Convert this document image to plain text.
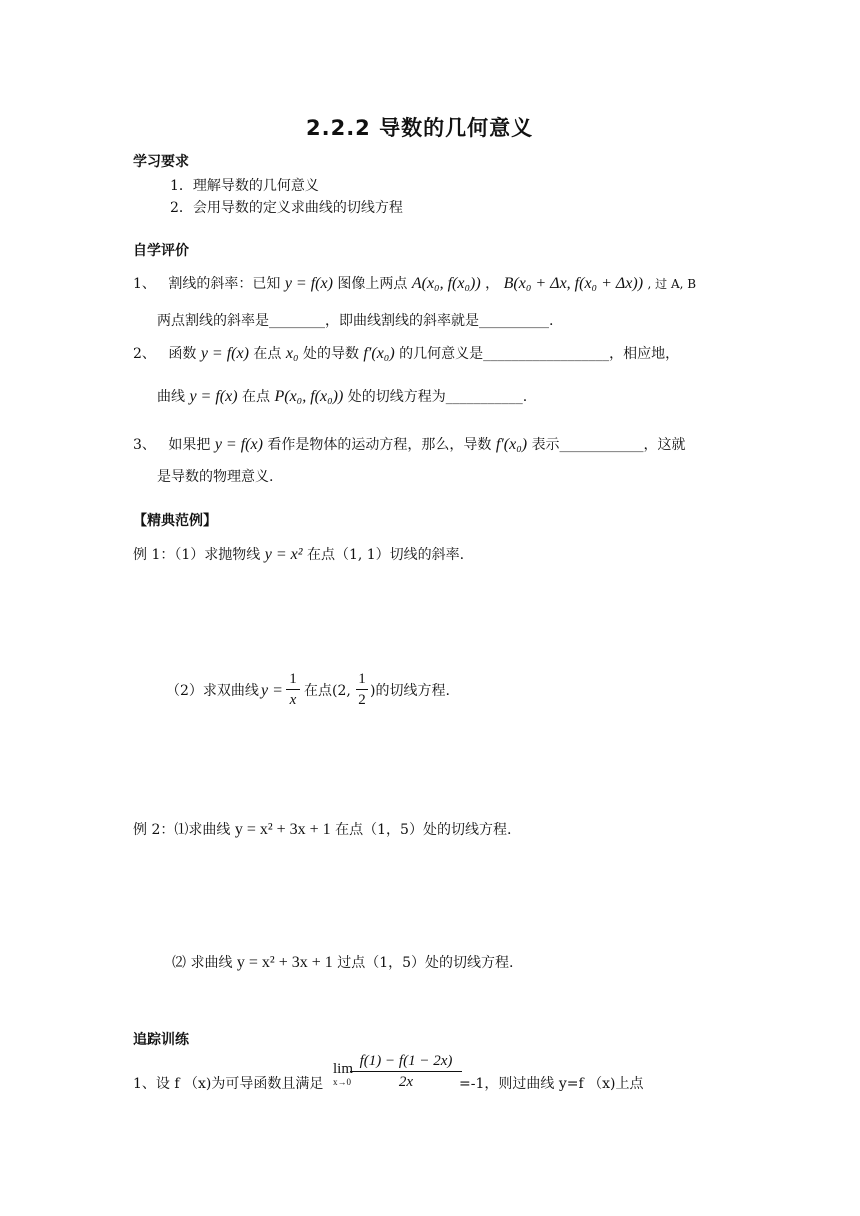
2.2.2 导数的几何意义
学习要求
1．理解导数的几何意义
2．会用导数的定义求曲线的切线方程
自学评价
1、 割线的斜率：已知 y = f(x) 图像上两点 A(x₀, f(x₀)) ， B(x₀ + Δx, f(x₀ + Δx)) , 过 A, B
两点割线的斜率是________，即曲线割线的斜率就是__________.
2、 函数 y = f(x) 在点 x₀ 处的导数 f′(x₀) 的几何意义是__________________，相应地，
曲线 y = f(x) 在点 P(x₀, f(x₀)) 处的切线方程为___________.
3、 如果把 y = f(x) 看作是物体的运动方程，那么，导数 f′(x₀) 表示____________，这就
是导数的物理意义.
【精典范例】
例 1：（1）求抛物线 y = x² 在点（1, 1）切线的斜率.
（2）求双曲线 y =
1
x
在点(2,
1
2
)的切线方程.
例 2：⑴求曲线 y = x² + 3x + 1 在点（1，5）处的切线方程.
⑵ 求曲线 y = x² + 3x + 1 过点（1，5）处的切线方程.
追踪训练
1、设 f （x)为可导函数且满足
lim
x→0
f(1) − f(1 − 2x)
2x	=-1，则过曲线 y=f （x)上点
